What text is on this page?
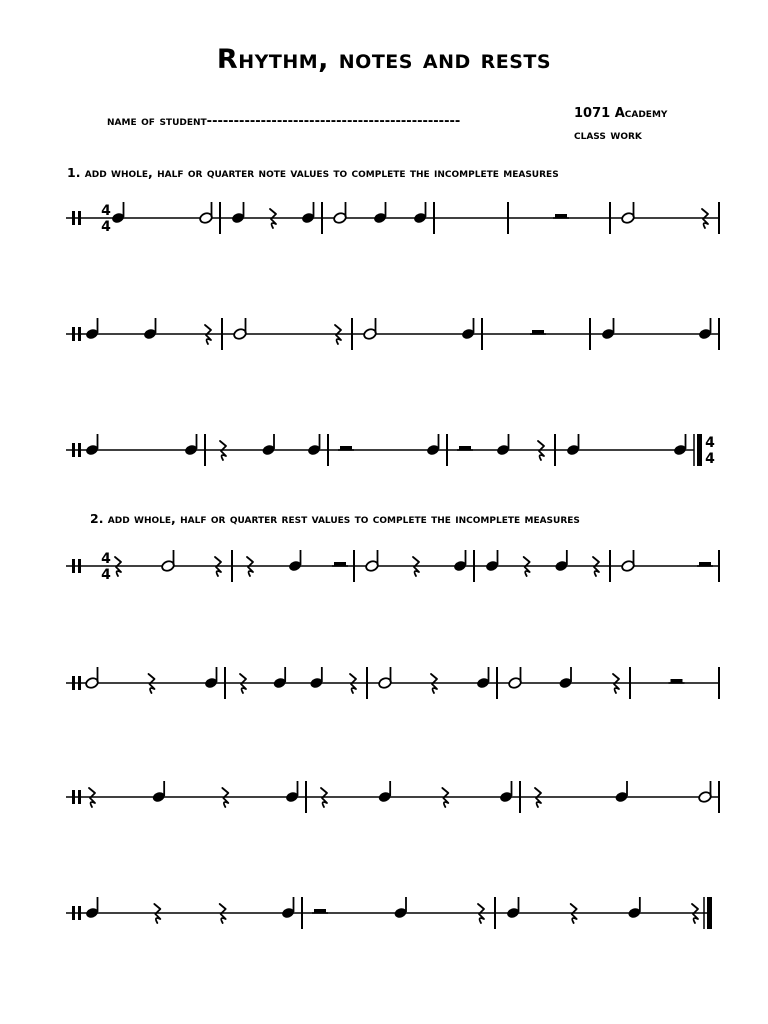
Rhythm, notes and rests
name of student-----------------------------------------------
1071 Academy
class work
1. add whole, half or quarter note values to complete the incomplete measures
2. add whole, half or quarter rest values to complete the incomplete measures
4
4
4
4
4
4
